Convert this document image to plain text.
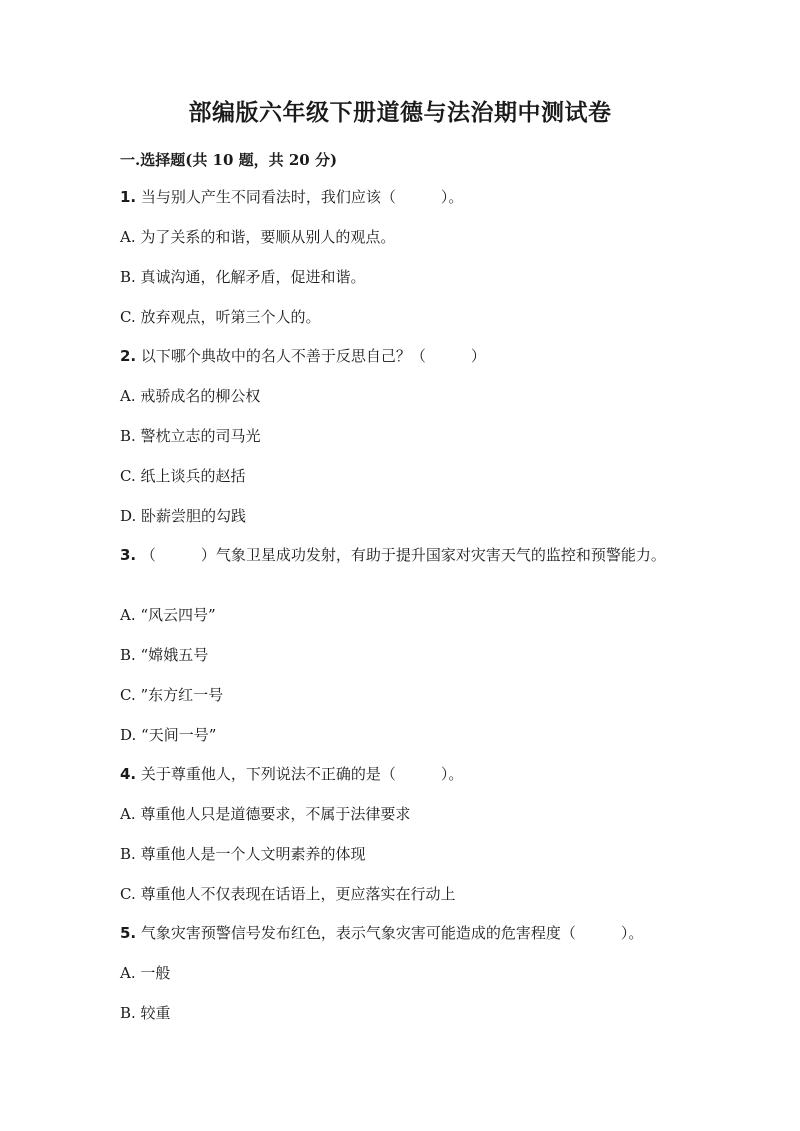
部编版六年级下册道德与法治期中测试卷
一.选择题(共 10 题，共 20 分)
1. 当与别人产生不同看法时，我们应该（　　　）。
A. 为了关系的和谐，要顺从别人的观点。
B. 真诚沟通，化解矛盾，促进和谐。
C. 放弃观点，听第三个人的。
2. 以下哪个典故中的名人不善于反思自己？（　　　）
A. 戒骄成名的柳公权
B. 警枕立志的司马光
C. 纸上谈兵的赵括
D. 卧薪尝胆的勾践
3. （　　　）气象卫星成功发射，有助于提升国家对灾害天气的监控和预警能力。
A. “风云四号”
B. “嫦娥五号
C. ”东方红一号
D. “天间一号”
4. 关于尊重他人，下列说法不正确的是（　　　）。
A. 尊重他人只是道德要求，不属于法律要求
B. 尊重他人是一个人文明素养的体现
C. 尊重他人不仅表现在话语上，更应落实在行动上
5. 气象灾害预警信号发布红色，表示气象灾害可能造成的危害程度（　　　）。
A. 一般
B. 较重
